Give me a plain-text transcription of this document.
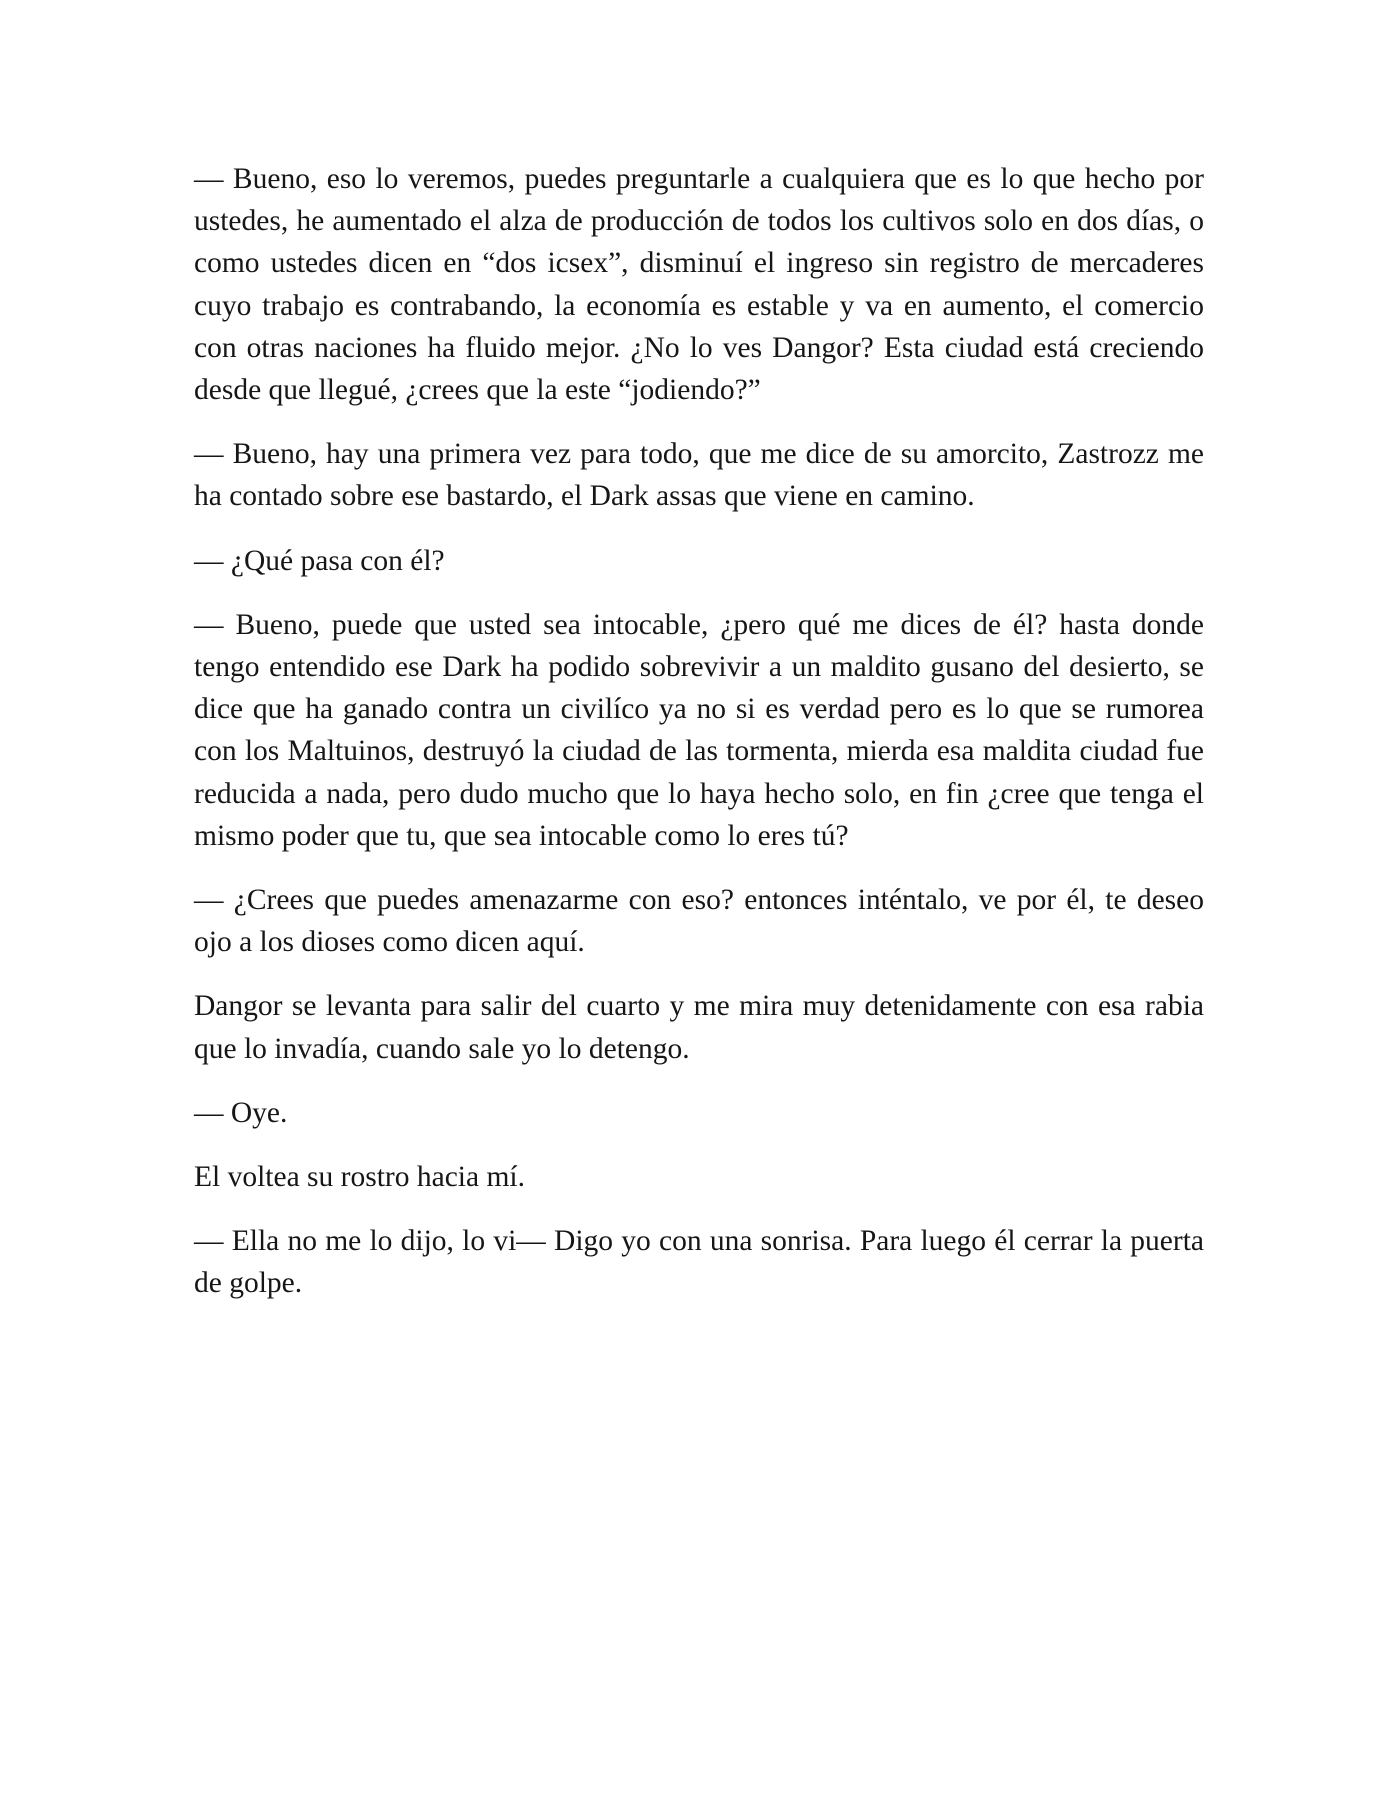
— Bueno, eso lo veremos, puedes preguntarle a cualquiera que es lo que hecho por ustedes, he aumentado el alza de producción de todos los cultivos solo en dos días, o como ustedes dicen en “dos icsex”, disminuí el ingreso sin registro de mercaderes cuyo trabajo es contrabando, la economía es estable y va en aumento, el comercio con otras naciones ha fluido mejor. ¿No lo ves Dangor? Esta ciudad está creciendo desde que llegué, ¿crees que la este “jodiendo?”

— Bueno, hay una primera vez para todo, que me dice de su amorcito, Zastrozz me ha contado sobre ese bastardo, el Dark assas que viene en camino.

— ¿Qué pasa con él?

— Bueno, puede que usted sea intocable, ¿pero qué me dices de él? hasta donde tengo entendido ese Dark ha podido sobrevivir a un maldito gusano del desierto, se dice que ha ganado contra un civilíco ya no si es verdad pero es lo que se rumorea con los Maltuinos, destruyó la ciudad de las tormenta, mierda esa maldita ciudad fue reducida a nada, pero dudo mucho que lo haya hecho solo, en fin ¿cree que tenga el mismo poder que tu, que sea intocable como lo eres tú?

— ¿Crees que puedes amenazarme con eso? entonces inténtalo, ve por él, te deseo ojo a los dioses como dicen aquí.

Dangor se levanta para salir del cuarto y me mira muy detenidamente con esa rabia que lo invadía, cuando sale yo lo detengo.

— Oye.

El voltea su rostro hacia mí.

— Ella no me lo dijo, lo vi— Digo yo con una sonrisa. Para luego él cerrar la puerta de golpe.
